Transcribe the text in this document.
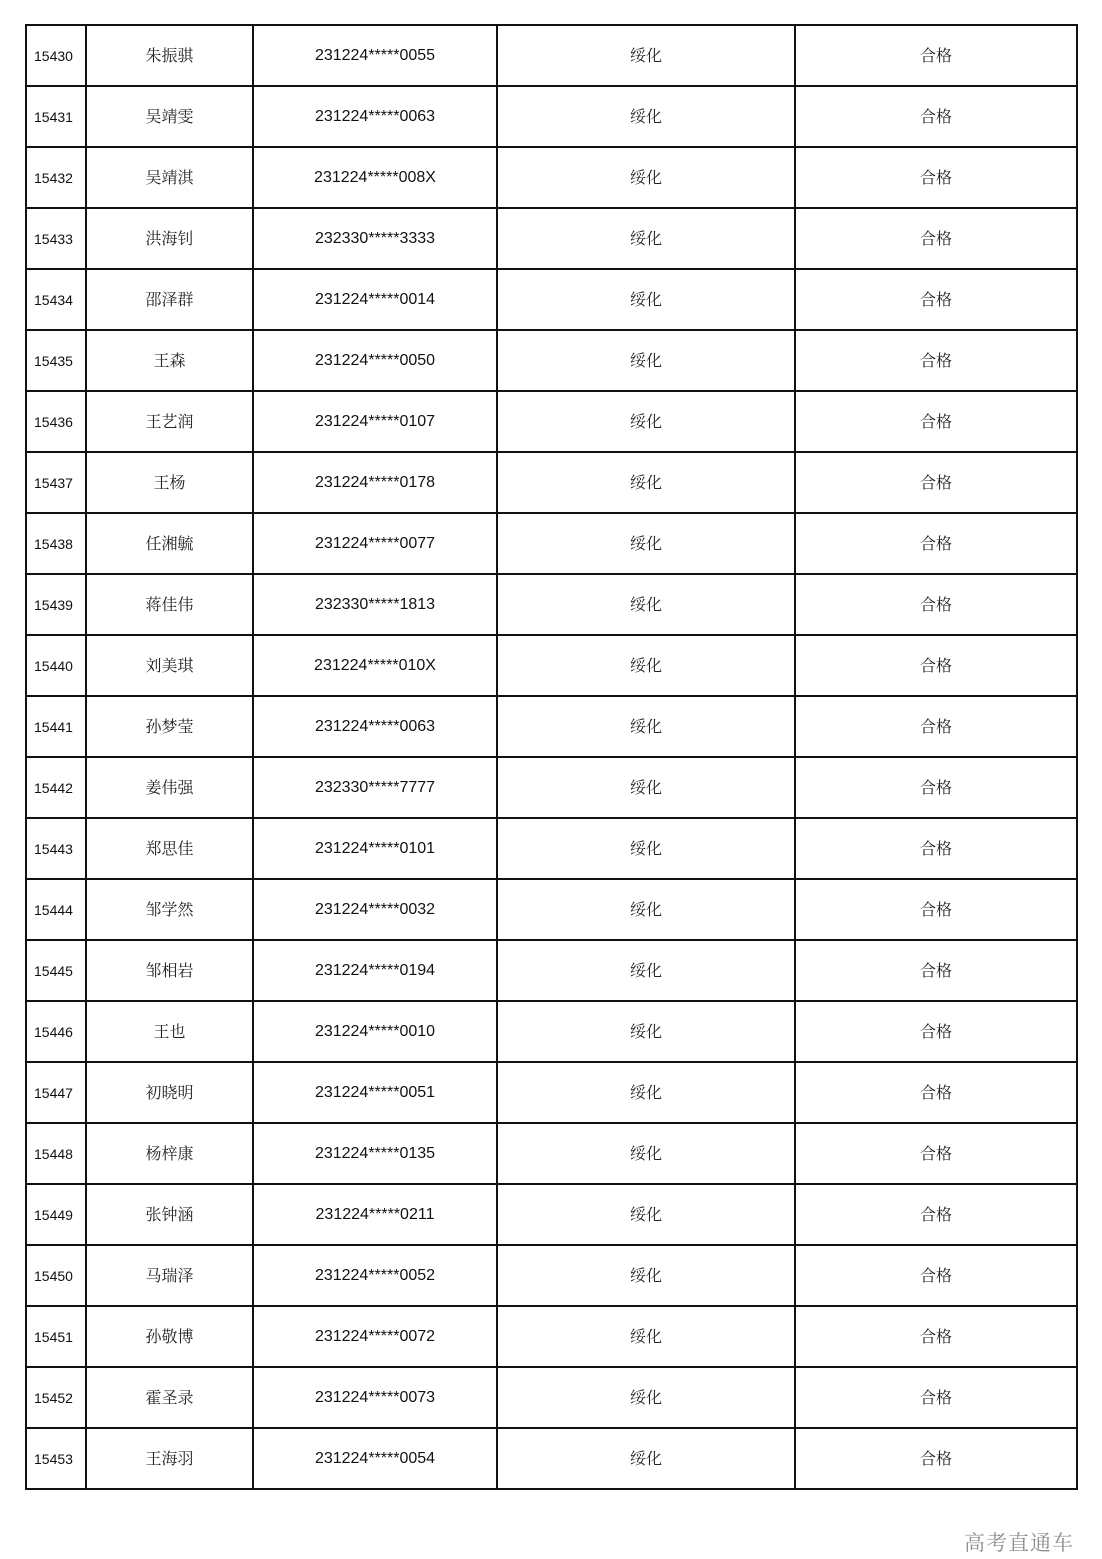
15430	朱振骐	231224*****0055	绥化	合格
15431	吴靖雯	231224*****0063	绥化	合格
15432	吴靖淇	231224*****008X	绥化	合格
15433	洪海钊	232330*****3333	绥化	合格
15434	邵泽群	231224*****0014	绥化	合格
15435	王森	231224*****0050	绥化	合格
15436	王艺润	231224*****0107	绥化	合格
15437	王杨	231224*****0178	绥化	合格
15438	任湘毓	231224*****0077	绥化	合格
15439	蒋佳伟	232330*****1813	绥化	合格
15440	刘美琪	231224*****010X	绥化	合格
15441	孙梦莹	231224*****0063	绥化	合格
15442	姜伟强	232330*****7777	绥化	合格
15443	郑思佳	231224*****0101	绥化	合格
15444	邹学然	231224*****0032	绥化	合格
15445	邹相岩	231224*****0194	绥化	合格
15446	王也	231224*****0010	绥化	合格
15447	初晓明	231224*****0051	绥化	合格
15448	杨梓康	231224*****0135	绥化	合格
15449	张钟涵	231224*****0211	绥化	合格
15450	马瑞泽	231224*****0052	绥化	合格
15451	孙敬博	231224*****0072	绥化	合格
15452	霍圣录	231224*****0073	绥化	合格
15453	王海羽	231224*****0054	绥化	合格
高考直通车
